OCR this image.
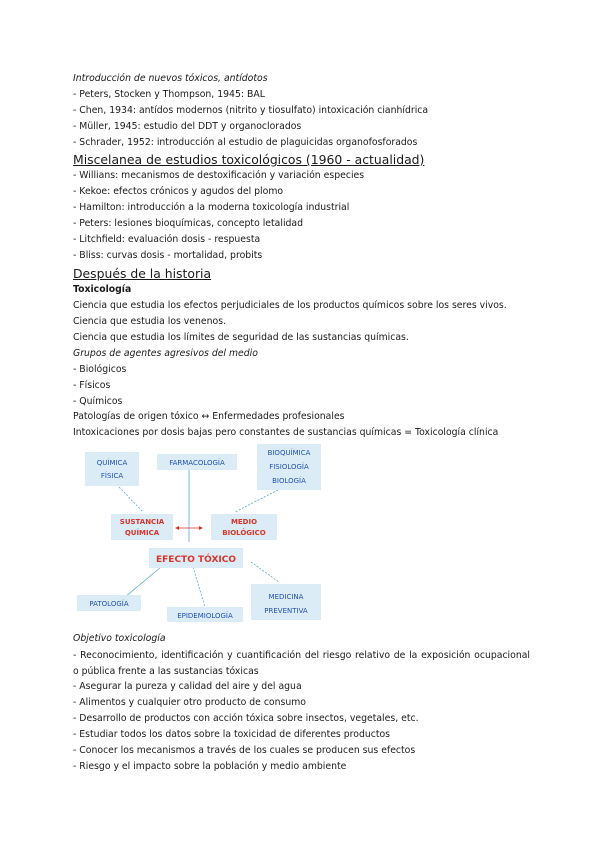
Introducción de nuevos tóxicos, antídotos
- Peters, Stocken y Thompson, 1945: BAL
- Chen, 1934: antídos modernos (nitrito y tiosulfato) intoxicación cianhídrica
- Müller, 1945: estudio del DDT y organoclorados
- Schrader, 1952: introducción al estudio de plaguicidas organofosforados
Miscelanea de estudios toxicológicos (1960 - actualidad)
- Willians: mecanismos de destoxificación y variación especies
- Kekoe: efectos crónicos y agudos del plomo
- Hamilton: introducción a la moderna toxicología industrial
- Peters: lesiones bioquímicas, concepto letalidad
- Litchfield: evaluación dosis - respuesta
- Bliss: curvas dosis - mortalidad, probits
Después de la historia
Toxicología
Ciencia que estudia los efectos perjudiciales de los productos químicos sobre los seres vivos.
Ciencia que estudia los venenos.
Ciencia que estudia los límites de seguridad de las sustancias químicas.
Grupos de agentes agresivos del medio
- Biológicos
- Físicos
- Químicos
Patologías de origen tóxico ↔ Enfermedades profesionales
Intoxicaciones por dosis bajas pero constantes de sustancias químicas = Toxicología clínica
QUÍMICA
FÍSICA
FARMACOLOGÍA
BIOQUÍMICA
FISIOLOGÍA
BIOLOGÍA
SUSTANCIA
QUÍMICA
MEDIO
BIOLÓGICO
EFECTO TÓXICO
PATOLOGÍA
EPIDEMIOLOGÍA
MEDICINA
PREVENTIVA
Objetivo toxicología
- Reconocimiento, identificación y cuantificación del riesgo relativo de la exposición ocupacional o pública frente a las sustancias tóxicas
- Asegurar la pureza y calidad del aire y del agua
- Alimentos y cualquier otro producto de consumo
- Desarrollo de productos con acción tóxica sobre insectos, vegetales, etc.
- Estudiar todos los datos sobre la toxicidad de diferentes productos
- Conocer los mecanismos a través de los cuales se producen sus efectos
- Riesgo y el impacto sobre la población y medio ambiente
